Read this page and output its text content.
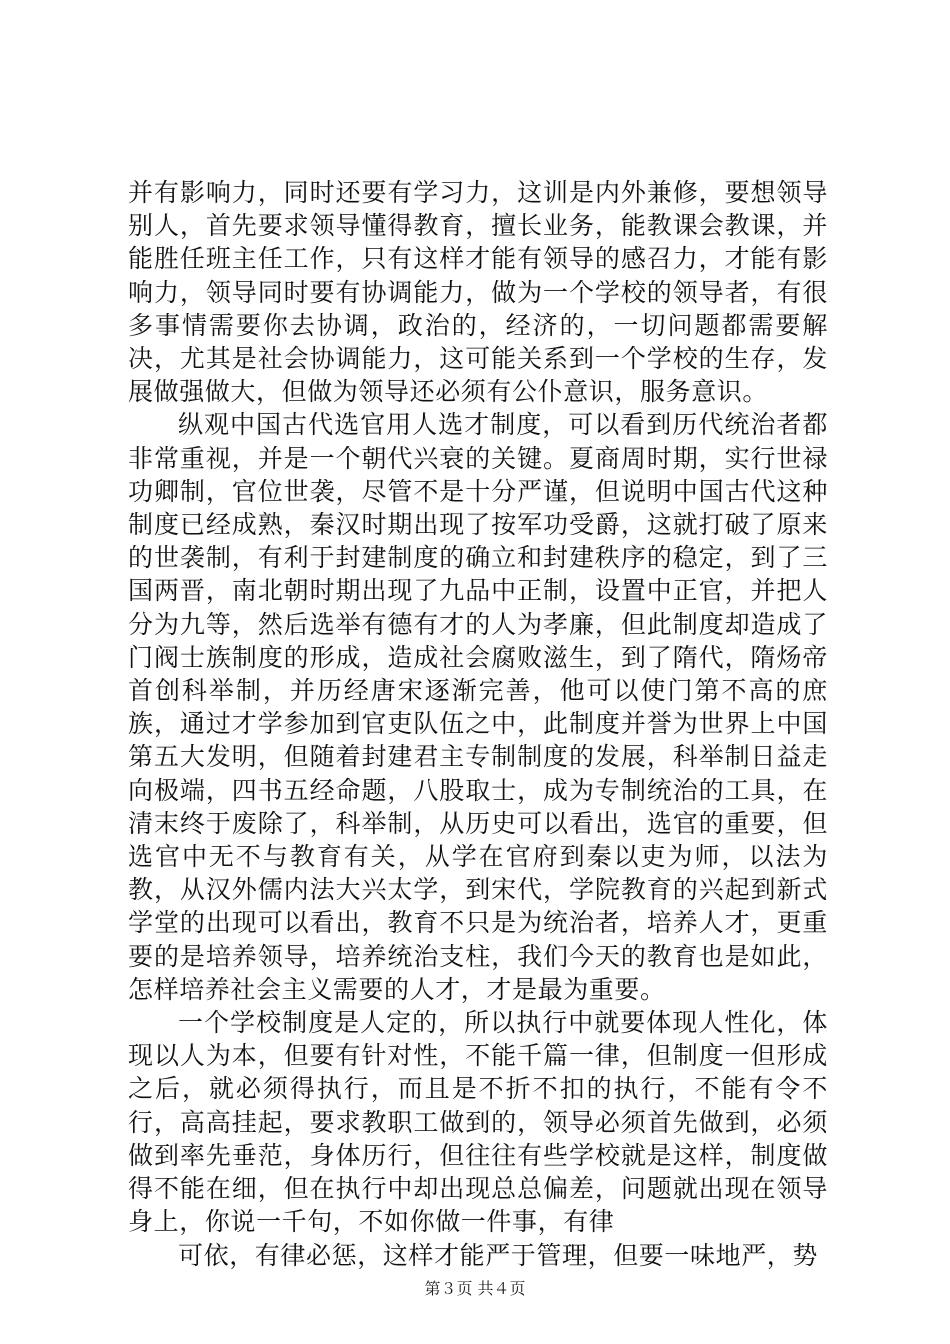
并有影响力，同时还要有学习力，这训是内外兼修，要想领导别人，首先要求领导懂得教育，擅长业务，能教课会教课，并能胜任班主任工作，只有这样才能有领导的感召力，才能有影响力，领导同时要有协调能力，做为一个学校的领导者，有很多事情需要你去协调，政治的，经济的，一切问题都需要解决，尤其是社会协调能力，这可能关系到一个学校的生存，发展做强做大，但做为领导还必须有公仆意识，服务意识。

纵观中国古代选官用人选才制度，可以看到历代统治者都非常重视，并是一个朝代兴衰的关键。夏商周时期，实行世禄功卿制，官位世袭，尽管不是十分严谨，但说明中国古代这种制度已经成熟，秦汉时期出现了按军功受爵，这就打破了原来的世袭制，有利于封建制度的确立和封建秩序的稳定，到了三国两晋，南北朝时期出现了九品中正制，设置中正官，并把人分为九等，然后选举有德有才的人为孝廉，但此制度却造成了门阀士族制度的形成，造成社会腐败滋生，到了隋代，隋炀帝首创科举制，并历经唐宋逐渐完善，他可以使门第不高的庶族，通过才学参加到官吏队伍之中，此制度并誉为世界上中国第五大发明，但随着封建君主专制制度的发展，科举制日益走向极端，四书五经命题，八股取士，成为专制统治的工具，在清末终于废除了，科举制，从历史可以看出，选官的重要，但选官中无不与教育有关，从学在官府到秦以吏为师，以法为教，从汉外儒内法大兴太学，到宋代，学院教育的兴起到新式学堂的出现可以看出，教育不只是为统治者，培养人才，更重要的是培养领导，培养统治支柱，我们今天的教育也是如此，怎样培养社会主义需要的人才，才是最为重要。

一个学校制度是人定的，所以执行中就要体现人性化，体现以人为本，但要有针对性，不能千篇一律，但制度一但形成之后，就必须得执行，而且是不折不扣的执行，不能有令不行，高高挂起，要求教职工做到的，领导必须首先做到，必须做到率先垂范，身体历行，但往往有些学校就是这样，制度做得不能在细，但在执行中却出现总总偏差，问题就出现在领导身上，你说一千句，不如你做一件事，有律

可依，有律必惩，这样才能严于管理，但要一味地严，势

第３页 共４页
